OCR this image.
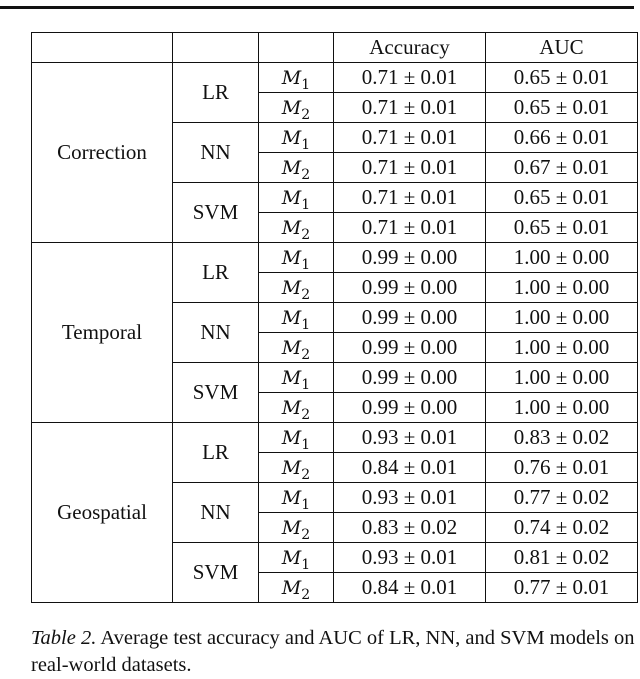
			Accuracy	AUC
Correction	LR	$M_1$	0.71 ± 0.01	0.65 ± 0.01
		$M_2$	0.71 ± 0.01	0.65 ± 0.01
	NN	$M_1$	0.71 ± 0.01	0.66 ± 0.01
		$M_2$	0.71 ± 0.01	0.67 ± 0.01
	SVM	$M_1$	0.71 ± 0.01	0.65 ± 0.01
		$M_2$	0.71 ± 0.01	0.65 ± 0.01
Temporal	LR	$M_1$	0.99 ± 0.00	1.00 ± 0.00
		$M_2$	0.99 ± 0.00	1.00 ± 0.00
	NN	$M_1$	0.99 ± 0.00	1.00 ± 0.00
		$M_2$	0.99 ± 0.00	1.00 ± 0.00
	SVM	$M_1$	0.99 ± 0.00	1.00 ± 0.00
		$M_2$	0.99 ± 0.00	1.00 ± 0.00
Geospatial	LR	$M_1$	0.93 ± 0.01	0.83 ± 0.02
		$M_2$	0.84 ± 0.01	0.76 ± 0.01
	NN	$M_1$	0.93 ± 0.01	0.77 ± 0.02
		$M_2$	0.83 ± 0.02	0.74 ± 0.02
	SVM	$M_1$	0.93 ± 0.01	0.81 ± 0.02
		$M_2$	0.84 ± 0.01	0.77 ± 0.01
Table 2. Average test accuracy and AUC of LR, NN, and SVM models on real-world datasets.
